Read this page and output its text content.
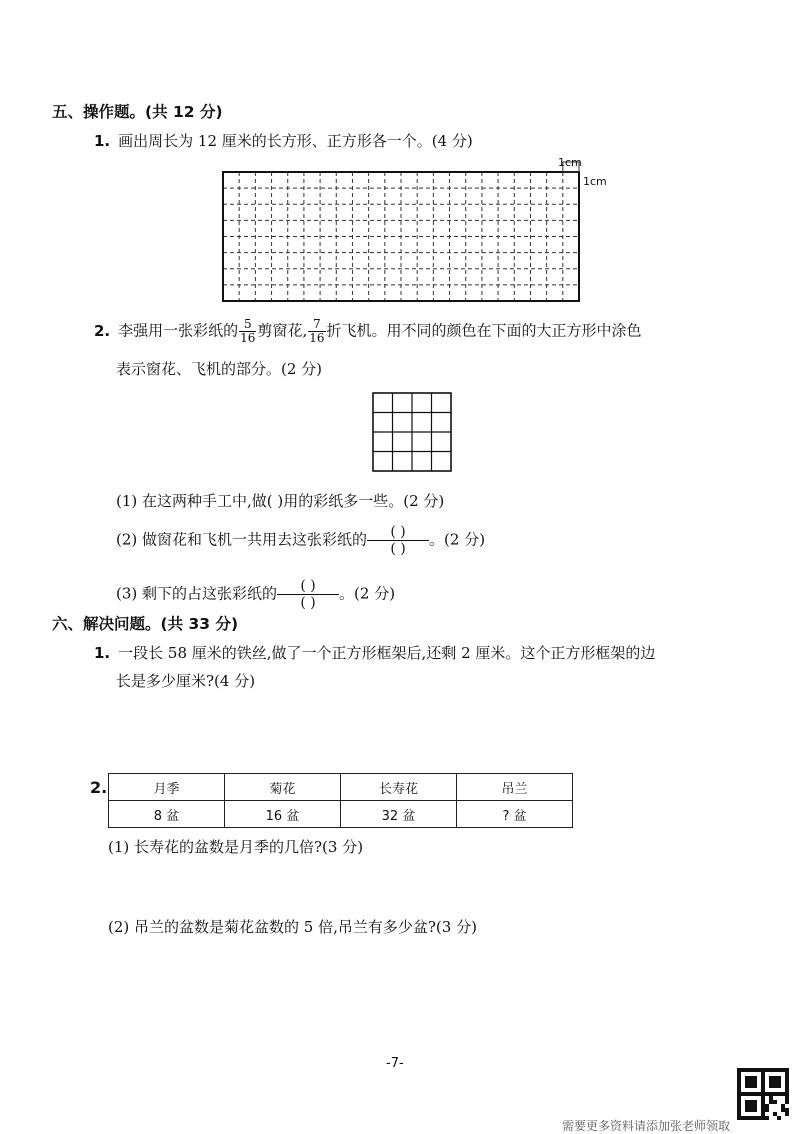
五、操作题。(共 12 分)
1. 画出周长为 12 厘米的长方形、正方形各一个。(4 分)
1cm
1cm
2. 李强用一张彩纸的 $\frac{5}{16}$ 剪窗花, $\frac{7}{16}$ 折飞机。用不同的颜色在下面的大正方形中涂色
表示窗花、飞机的部分。(2 分)
(1) 在这两种手工中,做( )用的彩纸多一些。(2 分)
(2) 做窗花和飞机一共用去这张彩纸的 $\frac{( )}{( )}$ 。(2 分)
(3) 剩下的占这张彩纸的 $\frac{( )}{( )}$ 。(2 分)
六、解决问题。(共 33 分)
1. 一段长 58 厘米的铁丝,做了一个正方形框架后,还剩 2 厘米。这个正方形框架的边
长是多少厘米?(4 分)
2.	月季	菊花	长寿花	吊兰
8 盆	16 盆	32 盆	? 盆
(1) 长寿花的盆数是月季的几倍?(3 分)
(2) 吊兰的盆数是菊花盆数的 5 倍,吊兰有多少盆?(3 分)
-7-
需要更多资料请添加张老师领取
